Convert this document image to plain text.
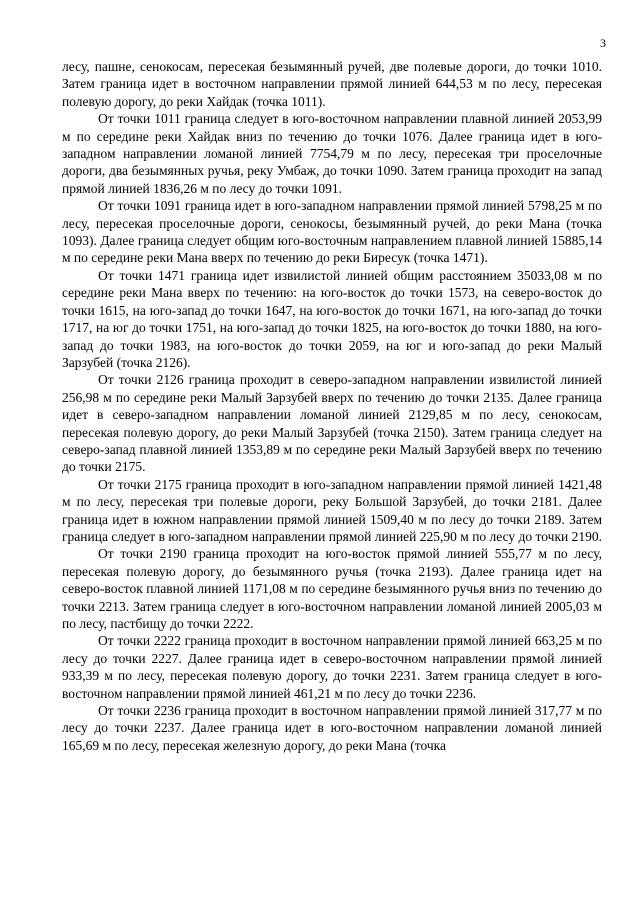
3

лесу, пашне, сенокосам, пересекая безымянный ручей, две полевые дороги, до точки 1010. Затем граница идет в восточном направлении прямой линией 644,53 м по лесу, пересекая полевую дорогу, до реки Хайдак (точка 1011).

От точки 1011 граница следует в юго-восточном направлении плавной линией 2053,99 м по середине реки Хайдак вниз по течению до точки 1076. Далее граница идет в юго-западном направлении ломаной линией 7754,79 м по лесу, пересекая три проселочные дороги, два безымянных ручья, реку Умбаж, до точки 1090. Затем граница проходит на запад прямой линией 1836,26 м по лесу до точки 1091.

От точки 1091 граница идет в юго-западном направлении прямой линией 5798,25 м по лесу, пересекая проселочные дороги, сенокосы, безымянный ручей, до реки Мана (точка 1093). Далее граница следует общим юго-восточным направлением плавной линией 15885,14 м по середине реки Мана вверх по течению до реки Биресук (точка 1471).

От точки 1471 граница идет извилистой линией общим расстоянием 35033,08 м по середине реки Мана вверх по течению: на юго-восток до точки 1573, на северо-восток до точки 1615, на юго-запад до точки 1647, на юго-восток до точки 1671, на юго-запад до точки 1717, на юг до точки 1751, на юго-запад до точки 1825, на юго-восток до точки 1880, на юго-запад до точки 1983, на юго-восток до точки 2059, на юг и юго-запад до реки Малый Зарзубей (точка 2126).

От точки 2126 граница проходит в северо-западном направлении извилистой линией 256,98 м по середине реки Малый Зарзубей вверх по течению до точки 2135. Далее граница идет в северо-западном направлении ломаной линией 2129,85 м по лесу, сенокосам, пересекая полевую дорогу, до реки Малый Зарзубей (точка 2150). Затем граница следует на северо-запад плавной линией 1353,89 м по середине реки Малый Зарзубей вверх по течению до точки 2175.

От точки 2175 граница проходит в юго-западном направлении прямой линией 1421,48 м по лесу, пересекая три полевые дороги, реку Большой Зарзубей, до точки 2181. Далее граница идет в южном направлении прямой линией 1509,40 м по лесу до точки 2189. Затем граница следует в юго-западном направлении прямой линией 225,90 м по лесу до точки 2190.

От точки 2190 граница проходит на юго-восток прямой линией 555,77 м по лесу, пересекая полевую дорогу, до безымянного ручья (точка 2193). Далее граница идет на северо-восток плавной линией 1171,08 м по середине безымянного ручья вниз по течению до точки 2213. Затем граница следует в юго-восточном направлении ломаной линией 2005,03 м по лесу, пастбищу до точки 2222.

От точки 2222 граница проходит в восточном направлении прямой линией 663,25 м по лесу до точки 2227. Далее граница идет в северо-восточном направлении прямой линией 933,39 м по лесу, пересекая полевую дорогу, до точки 2231. Затем граница следует в юго-восточном направлении прямой линией 461,21 м по лесу до точки 2236.

От точки 2236 граница проходит в восточном направлении прямой линией 317,77 м по лесу до точки 2237. Далее граница идет в юго-восточном направлении ломаной линией 165,69 м по лесу, пересекая железную дорогу, до реки Мана (точка
